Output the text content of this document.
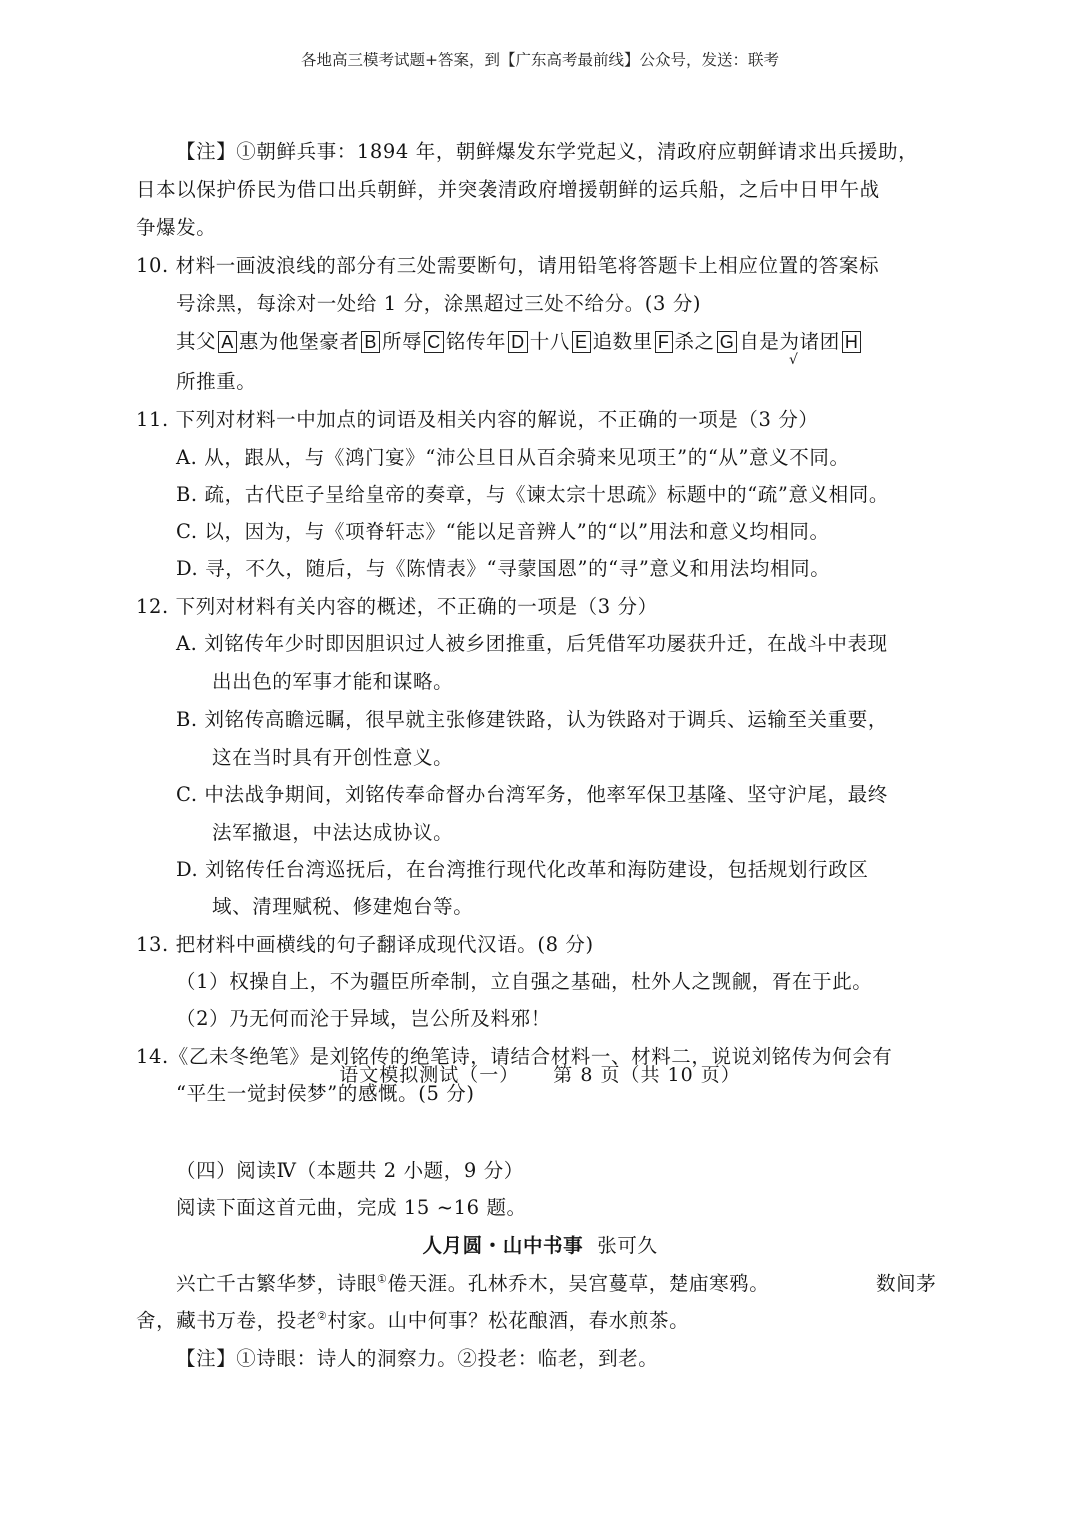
各地高三模考试题+答案，到【广东高考最前线】公众号，发送：联考
【注】①朝鲜兵事：1894 年，朝鲜爆发东学党起义，清政府应朝鲜请求出兵援助，
日本以保护侨民为借口出兵朝鲜，并突袭清政府增援朝鲜的运兵船，之后中日甲午战
争爆发。
10. 材料一画波浪线的部分有三处需要断句，请用铅笔将答题卡上相应位置的答案标
号涂黑，每涂对一处给 1 分，涂黑超过三处不给分。(3 分)
其父 A 惠为他堡豪者 B 所辱 C 铭传年 D 十八 E 追数里 F 杀之 G 自是为诸团 H
√
所推重。
11. 下列对材料一中加点的词语及相关内容的解说，不正确的一项是（3 分）
A. 从，跟从，与《鸿门宴》“沛公旦日从百余骑来见项王”的“从”意义不同。
B. 疏，古代臣子呈给皇帝的奏章，与《谏太宗十思疏》标题中的“疏”意义相同。
C. 以，因为，与《项脊轩志》“能以足音辨人”的“以”用法和意义均相同。
D. 寻，不久，随后，与《陈情表》“寻蒙国恩”的“寻”意义和用法均相同。
12. 下列对材料有关内容的概述，不正确的一项是（3 分）
A. 刘铭传年少时即因胆识过人被乡团推重，后凭借军功屡获升迁，在战斗中表现
出出色的军事才能和谋略。
B. 刘铭传高瞻远瞩，很早就主张修建铁路，认为铁路对于调兵、运输至关重要，
这在当时具有开创性意义。
C. 中法战争期间，刘铭传奉命督办台湾军务，他率军保卫基隆、坚守沪尾，最终
法军撤退，中法达成协议。
D. 刘铭传任台湾巡抚后，在台湾推行现代化改革和海防建设，包括规划行政区
域、清理赋税、修建炮台等。
13. 把材料中画横线的句子翻译成现代汉语。(8 分)
（1）权操自上，不为疆臣所牵制，立自强之基础，杜外人之觊觎，胥在于此。
（2）乃无何而沦于异域，岂公所及料邪！
14.《乙未冬绝笔》是刘铭传的绝笔诗，请结合材料一、材料二，说说刘铭传为何会有
“平生一觉封侯梦”的感慨。(5 分)
（四）阅读Ⅳ（本题共 2 小题，9 分）
阅读下面这首元曲，完成 15 ~16 题。
人月圆・山中书事 张可久
兴亡千古繁华梦，诗眼①倦天涯。孔林乔木，吴宫蔓草，楚庙寒鸦。	数间茅
舍，藏书万卷，投老②村家。山中何事？松花酿酒，春水煎茶。
【注】①诗眼：诗人的洞察力。②投老：临老，到老。
语文模拟测试（一） 第 8 页（共 10 页）
